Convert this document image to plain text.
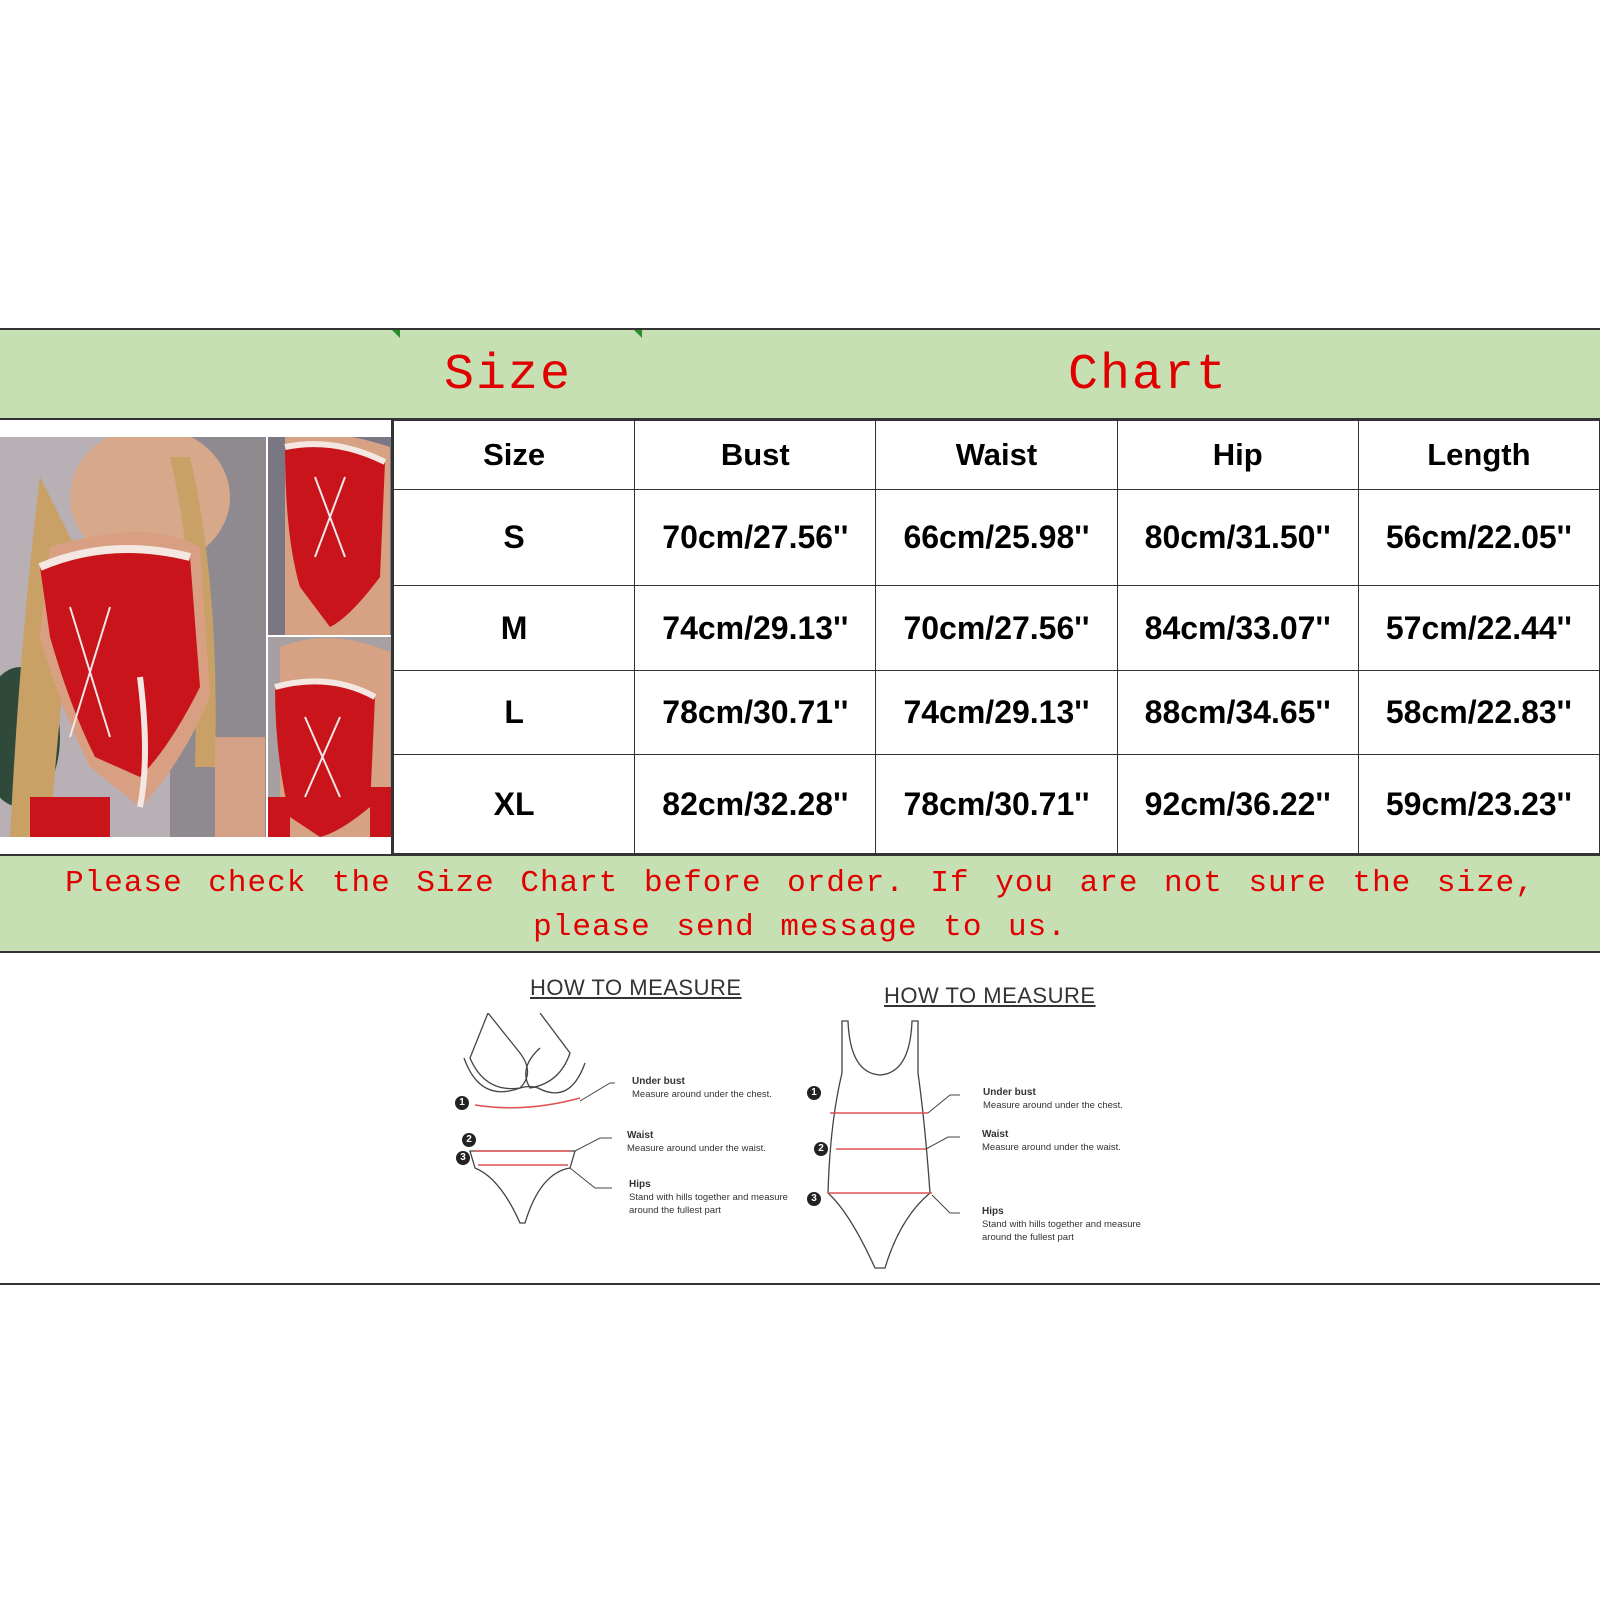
Size	Chart
Size	Bust	Waist	Hip	Length
S	70cm/27.56''	66cm/25.98''	80cm/31.50''	56cm/22.05''
M	74cm/29.13''	70cm/27.56''	84cm/33.07''	57cm/22.44''
L	78cm/30.71''	74cm/29.13''	88cm/34.65''	58cm/22.83''
XL	82cm/32.28''	78cm/30.71''	92cm/36.22''	59cm/23.23''
Please check the Size Chart before order. If you are not sure the size, please send message to us.
HOW TO MEASURE
1
2
3
Under bust
Measure around under the chest.
Waist
Measure around under the waist.
Hips
Stand with hills together and measure
around the fullest part
HOW TO MEASURE
1
2
3
Under bust
Measure around under the chest.
Waist
Measure around under the waist.
Hips
Stand with hills together and measure
around the fullest part
